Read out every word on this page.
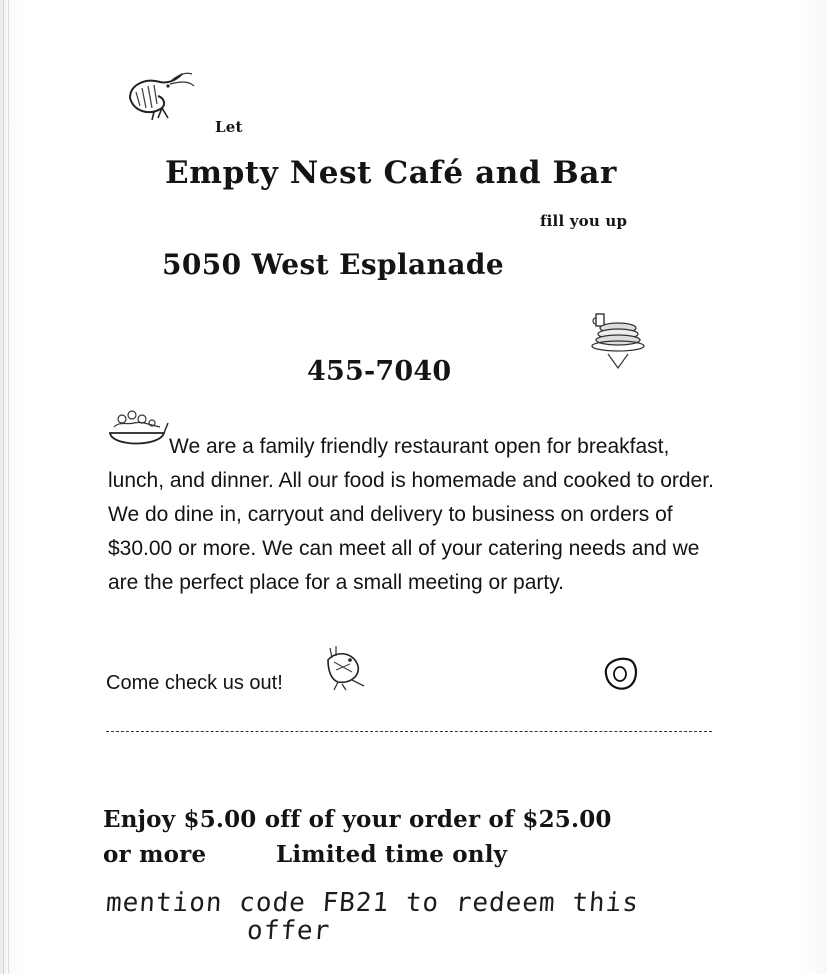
Let
Empty Nest Café and Bar
fill you up
5050 West Esplanade
455-7040
We are a family friendly restaurant open for breakfast, lunch, and dinner. All our food is homemade and cooked to order. We do dine in, carryout and delivery to business on orders of $30.00 or more. We can meet all of your catering needs and we are the perfect place for a small meeting or party.
Come check us out!
Enjoy $5.00 off of your order of $25.00
or more	Limited time only
mention code FB21 to redeem this
offer
